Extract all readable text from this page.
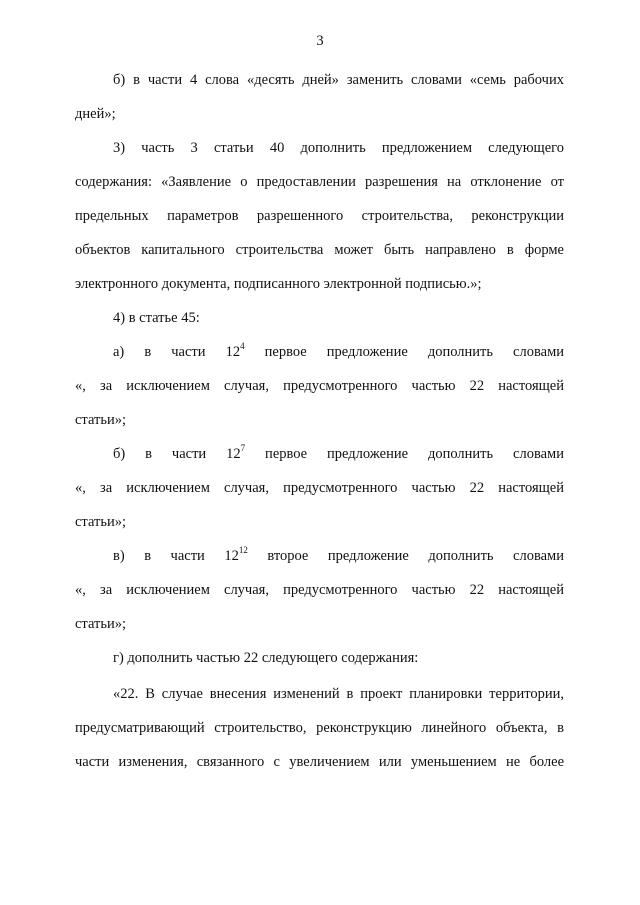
3
б) в части 4 слова «десять дней» заменить словами «семь рабочих
дней»;
3) часть 3 статьи 40 дополнить предложением следующего
содержания: «Заявление о предоставлении разрешения на отклонение от
предельных параметров разрешенного строительства, реконструкции
объектов капитального строительства может быть направлено в форме
электронного документа, подписанного электронной подписью.»;
4) в статье 45:
а) в части $12^4$ первое предложение дополнить словами
«, за исключением случая, предусмотренного частью 22 настоящей
статьи»;
б) в части $12^7$ первое предложение дополнить словами
«, за исключением случая, предусмотренного частью 22 настоящей
статьи»;
в) в части $12^{12}$ второе предложение дополнить словами
«, за исключением случая, предусмотренного частью 22 настоящей
статьи»;
г) дополнить частью 22 следующего содержания:
«22. В случае внесения изменений в проект планировки территории,
предусматривающий строительство, реконструкцию линейного объекта, в
части изменения, связанного с увеличением или уменьшением не более
